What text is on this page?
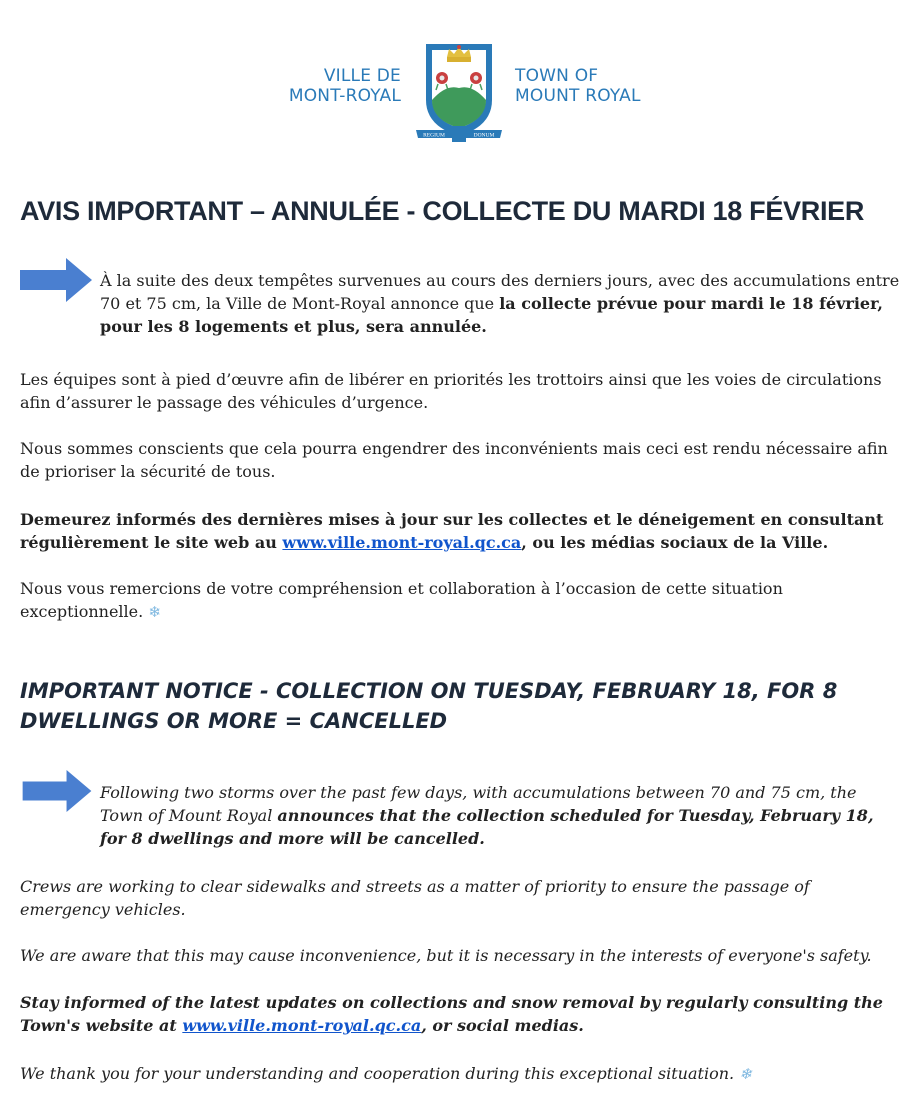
VILLE DE
MONT-ROYAL
REGIUM	DONUM
TOWN OF
MOUNT ROYAL
AVIS IMPORTANT – ANNULÉE - COLLECTE DU MARDI 18 FÉVRIER

À la suite des deux tempêtes survenues au cours des derniers jours, avec des accumulations entre 70 et 75 cm, la Ville de Mont-Royal annonce que la collecte prévue pour mardi le 18 février, pour les 8 logements et plus, sera annulée.

Les équipes sont à pied d’œuvre afin de libérer en priorités les trottoirs ainsi que les voies de circulations afin d’assurer le passage des véhicules d’urgence.

Nous sommes conscients que cela pourra engendrer des inconvénients mais ceci est rendu nécessaire afin de prioriser la sécurité de tous.

Demeurez informés des dernières mises à jour sur les collectes et le déneigement en consultant régulièrement le site web au www.ville.mont-royal.qc.ca, ou les médias sociaux de la Ville.

Nous vous remercions de votre compréhension et collaboration à l’occasion de cette situation exceptionnelle. ❄

IMPORTANT NOTICE - COLLECTION ON TUESDAY, FEBRUARY 18, FOR 8 DWELLINGS OR MORE = CANCELLED

Following two storms over the past few days, with accumulations between 70 and 75 cm, the Town of Mount Royal announces that the collection scheduled for Tuesday, February 18, for 8 dwellings and more will be cancelled.

Crews are working to clear sidewalks and streets as a matter of priority to ensure the passage of emergency vehicles.

We are aware that this may cause inconvenience, but it is necessary in the interests of everyone's safety.

Stay informed of the latest updates on collections and snow removal by regularly consulting the Town's website at www.ville.mont-royal.qc.ca, or social medias.

We thank you for your understanding and cooperation during this exceptional situation. ❄
